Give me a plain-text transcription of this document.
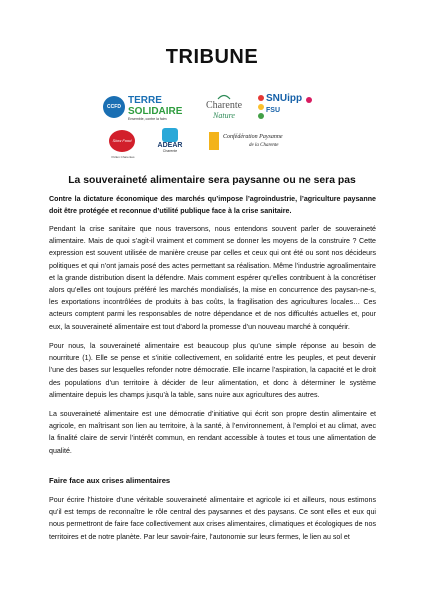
TRIBUNE
CCFD
TERRE
SOLIDAIRE
Ensemble, contre la faim
Charente
Nature
SNUipp
FSU
Slow Food
Pollen Charentes
ADEAR
Charente
Confédération Paysanne
de la Charente
La souveraineté alimentaire sera paysanne ou ne sera pas

Contre la dictature économique des marchés qu’impose l’agroindustrie, l’agriculture paysanne doit être protégée et reconnue d’utilité publique face à la crise sanitaire.

Pendant la crise sanitaire que nous traversons, nous entendons souvent parler de souveraineté alimentaire. Mais de quoi s’agit-il vraiment et comment se donner les moyens de la construire ? Cette expression est souvent utilisée de manière creuse par celles et ceux qui ont été ou sont nos décideurs politiques et qui n’ont jamais posé des actes permettant sa réalisation. Même l’industrie agroalimentaire et la grande distribution disent la défendre. Mais comment espérer qu’elles contribuent à la concrétiser alors qu’elles ont toujours préféré les marchés mondialisés, la mise en concurrence des paysan-ne-s, les exportations incontrôlées de produits à bas coûts, la fragilisation des agricultures locales… Ces acteurs comptent parmi les responsables de notre dépendance et de nos difficultés actuelles et, pour eux, la souveraineté alimentaire est tout d’abord la promesse d’un nouveau marché à conquérir.

Pour nous, la souveraineté alimentaire est beaucoup plus qu’une simple réponse au besoin de nourriture (1). Elle se pense et s’initie collectivement, en solidarité entre les peuples, et peut devenir l’une des bases sur lesquelles refonder notre démocratie. Elle incarne l’aspiration, la capacité et le droit des populations d’un territoire à décider de leur alimentation, et donc à déterminer le système alimentaire depuis les champs jusqu’à la table, sans nuire aux agricultures des autres.

La souveraineté alimentaire est une démocratie d’initiative qui écrit son propre destin alimentaire et agricole, en maîtrisant son lien au territoire, à la santé, à l’environnement, à l’emploi et au climat, avec la finalité claire de servir l’intérêt commun, en rendant accessible à toutes et tous une alimentation de qualité.

Faire face aux crises alimentaires

Pour écrire l’histoire d’une véritable souveraineté alimentaire et agricole ici et ailleurs, nous estimons qu’il est temps de reconnaître le rôle central des paysannes et des paysans. Ce sont elles et eux qui nous permettront de faire face collectivement aux crises alimentaires, climatiques et écologiques de nos territoires et de notre planète. Par leur savoir-faire, l’autonomie sur leurs fermes, le lien au sol et
